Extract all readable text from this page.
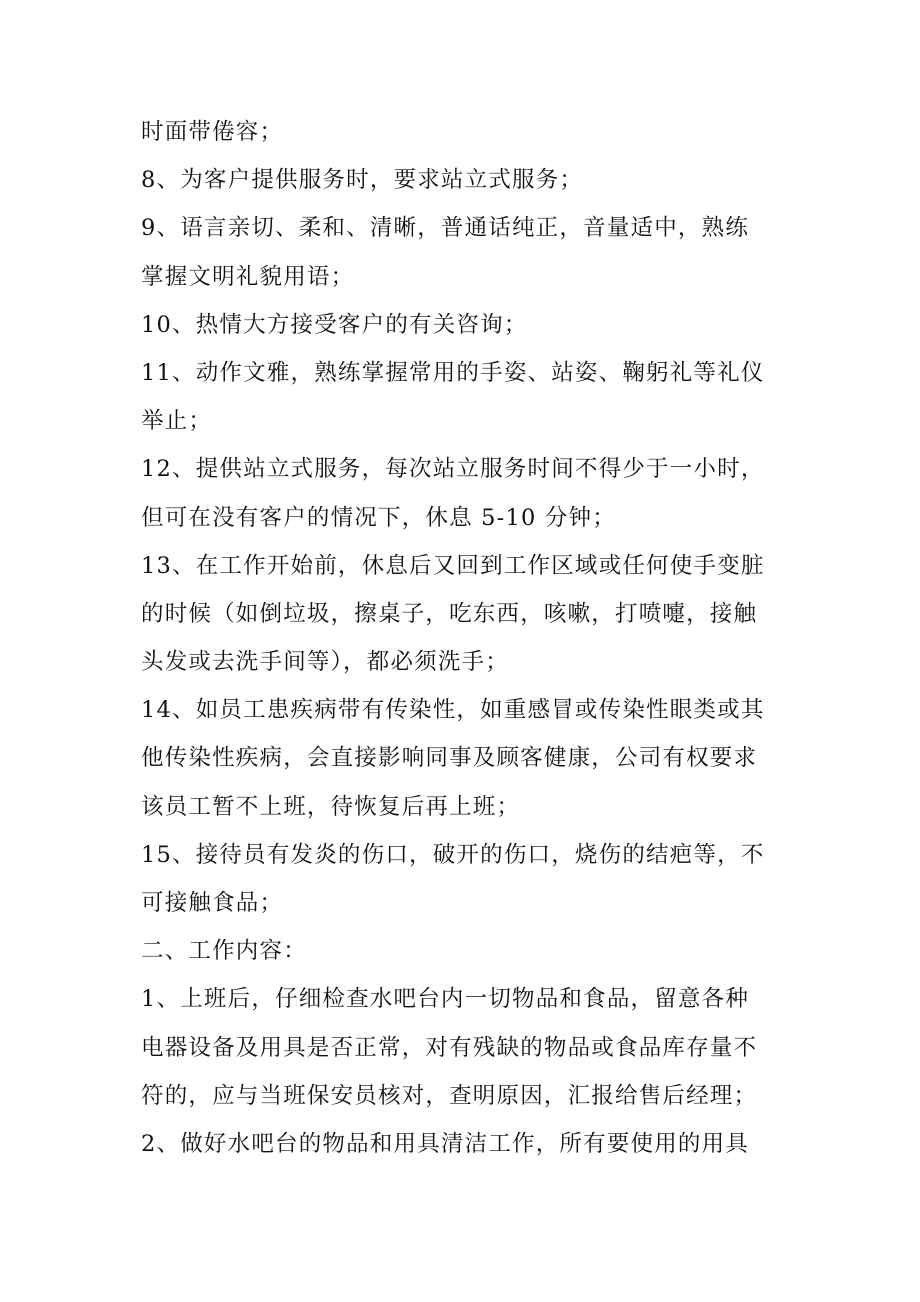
时面带倦容；
8、为客户提供服务时，要求站立式服务；
9、语言亲切、柔和、清晰，普通话纯正，音量适中，熟练
掌握文明礼貌用语；
10、热情大方接受客户的有关咨询；
11、动作文雅，熟练掌握常用的手姿、站姿、鞠躬礼等礼仪
举止；
12、提供站立式服务，每次站立服务时间不得少于一小时，
但可在没有客户的情况下，休息 5-10 分钟；
13、在工作开始前，休息后又回到工作区域或任何使手变脏
的时候（如倒垃圾，擦桌子，吃东西，咳嗽，打喷嚏，接触
头发或去洗手间等），都必须洗手；
14、如员工患疾病带有传染性，如重感冒或传染性眼类或其
他传染性疾病，会直接影响同事及顾客健康，公司有权要求
该员工暂不上班，待恢复后再上班；
15、接待员有发炎的伤口，破开的伤口，烧伤的结疤等，不
可接触食品；
二、工作内容：
1、上班后，仔细检查水吧台内一切物品和食品，留意各种
电器设备及用具是否正常，对有残缺的物品或食品库存量不
符的，应与当班保安员核对，查明原因，汇报给售后经理；
2、做好水吧台的物品和用具清洁工作，所有要使用的用具
